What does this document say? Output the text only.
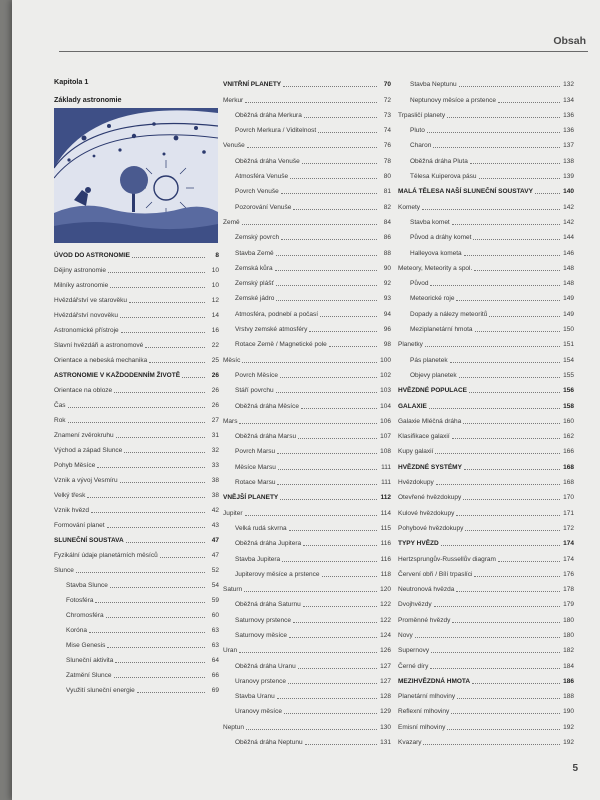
Obsah
Kapitola 1
Základy astronomie
ÚVOD DO ASTRONOMIE	8
Dějiny astronomie	10
Milníky astronomie	10
Hvězdářství ve starověku	12
Hvězdářství novověku	14
Astronomické přístroje	16
Slavní hvězdáři a astronomové	22
Orientace a nebeská mechanika	25
ASTRONOMIE V KAŽDODENNÍM ŽIVOTĚ	26
Orientace na obloze	26
Čas	26
Rok	27
Znamení zvěrokruhu	31
Východ a západ Slunce	32
Pohyb Měsíce	33
Vznik a vývoj Vesmíru	38
Velký třesk	38
Vznik hvězd	42
Formování planet	43
SLUNEČNÍ SOUSTAVA	47
Fyzikální údaje planetárních měsíců	47
Slunce	52
Stavba Slunce	54
Fotosféra	59
Chromosféra	60
Koróna	63
Mise Genesis	63
Sluneční aktivita	64
Zatmění Slunce	66
Využití sluneční energie	69
VNITŘNÍ PLANETY	70
Merkur	72
Oběžná dráha Merkura	73
Povrch Merkura / Viditelnost	74
Venuše	76
Oběžná dráha Venuše	78
Atmosféra Venuše	80
Povrch Venuše	81
Pozorování Venuše	82
Země	84
Zemský povrch	86
Stavba Země	88
Zemská kůra	90
Zemský plášť	92
Zemské jádro	93
Atmosféra, podnebí a počasí	94
Vrstvy zemské atmosféry	96
Rotace Země / Magnetické pole	98
Měsíc	100
Povrch Měsíce	102
Stáří povrchu	103
Oběžná dráha Měsíce	104
Mars	106
Oběžná dráha Marsu	107
Povrch Marsu	108
Měsíce Marsu	111
Rotace Marsu	111
VNĚJŠÍ PLANETY	112
Jupiter	114
Velká rudá skvrna	115
Oběžná dráha Jupitera	116
Stavba Jupitera	116
Jupiterovy měsíce a prstence	118
Saturn	120
Oběžná dráha Saturnu	122
Saturnovy prstence	122
Saturnovy měsíce	124
Uran	126
Oběžná dráha Uranu	127
Uranovy prstence	127
Stavba Uranu	128
Uranovy měsíce	129
Neptun	130
Oběžná dráha Neptunu	131
Stavba Neptunu	132
Neptunovy měsíce a prstence	134
Trpasličí planety	136
Pluto	136
Charon	137
Oběžná dráha Pluta	138
Tělesa Kuiperova pásu	139
MALÁ TĚLESA NAŠÍ SLUNEČNÍ SOUSTAVY	140
Komety	142
Stavba komet	142
Původ a dráhy komet	144
Halleyova kometa	146
Meteory, Meteority a spol.	148
Původ	148
Meteorické roje	149
Dopady a nálezy meteoritů	149
Meziplanetární hmota	150
Planetky	151
Pás planetek	154
Objevy planetek	155
HVĚZDNÉ POPULACE	156
GALAXIE	158
Galaxie Mléčná dráha	160
Klasifikace galaxií	162
Kupy galaxií	166
HVĚZDNÉ SYSTÉMY	168
Hvězdokupy	168
Otevřené hvězdokupy	170
Kulové hvězdokupy	171
Pohybové hvězdokupy	172
TYPY HVĚZD	174
Hertzsprungův-Russellův diagram	174
Červení obři / Bílí trpaslíci	176
Neutronová hvězda	178
Dvojhvězdy	179
Proměnné hvězdy	180
Novy	180
Supernovy	182
Černé díry	184
MEZIHVĚZDNÁ HMOTA	186
Planetární mlhoviny	188
Reflexní mlhoviny	190
Emisní mlhoviny	192
Kvazary	192
5
